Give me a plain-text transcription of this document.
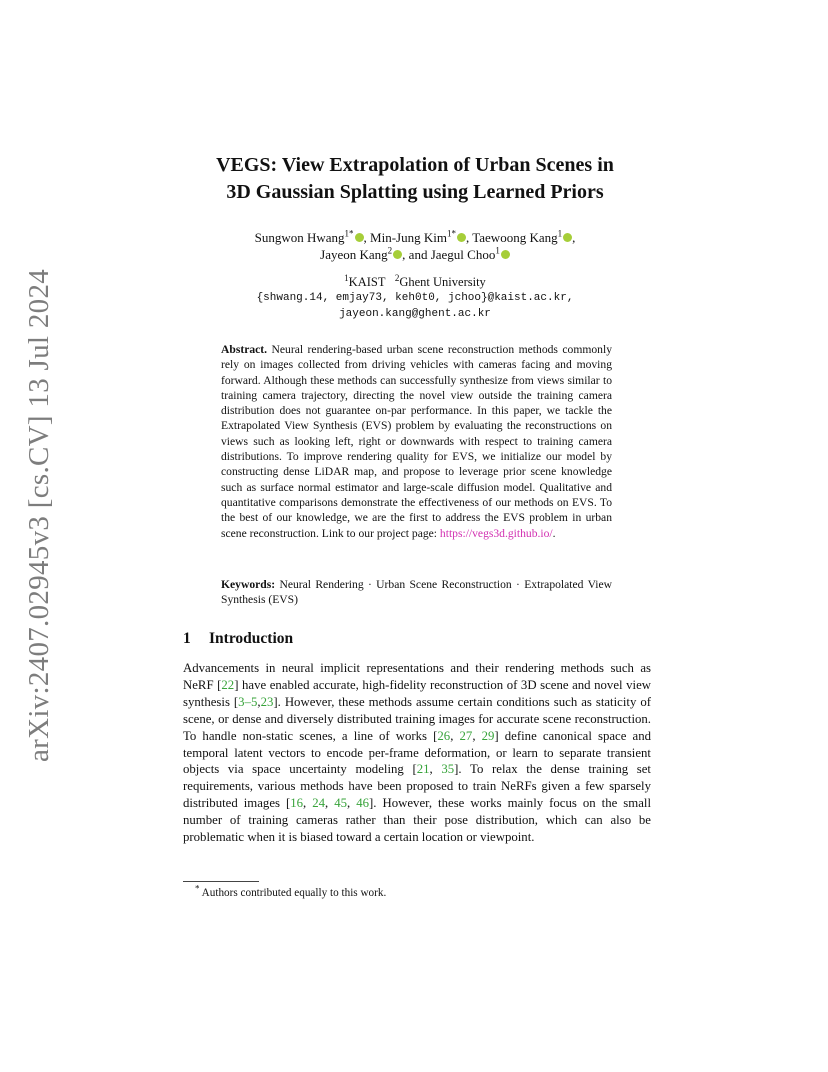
arXiv:2407.02945v3 [cs.CV] 13 Jul 2024
VEGS: View Extrapolation of Urban Scenes in
3D Gaussian Splatting using Learned Priors
Sungwon Hwang$^{1*}$ , Min-Jung Kim$^{1*}$ , Taewoong Kang$^1$ ,
Jayeon Kang$^2$ , and Jaegul Choo$^1$
$^1$KAIST $^2$Ghent University
{shwang.14, emjay73, keh0t0, jchoo}@kaist.ac.kr,
jayeon.kang@ghent.ac.kr

Abstract. Neural rendering-based urban scene reconstruction methods commonly rely on images collected from driving vehicles with cameras facing and moving forward. Although these methods can successfully synthesize from views similar to training camera trajectory, directing the novel view outside the training camera distribution does not guarantee on-par performance. In this paper, we tackle the Extrapolated View Synthesis (EVS) problem by evaluating the reconstructions on views such as looking left, right or downwards with respect to training camera distributions. To improve rendering quality for EVS, we initialize our model by constructing dense LiDAR map, and propose to leverage prior scene knowledge such as surface normal estimator and large-scale diffusion model. Qualitative and quantitative comparisons demonstrate the effectiveness of our methods on EVS. To the best of our knowledge, we are the first to address the EVS problem in urban scene reconstruction. Link to our project page: https://vegs3d.github.io/.

Keywords: Neural Rendering · Urban Scene Reconstruction · Extrapolated View Synthesis (EVS)

1 Introduction

Advancements in neural implicit representations and their rendering methods such as NeRF [22] have enabled accurate, high-fidelity reconstruction of 3D scene and novel view synthesis [3–5,23]. However, these methods assume certain conditions such as staticity of scene, or dense and diversely distributed training images for accurate scene reconstruction. To handle non-static scenes, a line of works [26, 27, 29] define canonical space and temporal latent vectors to encode per-frame deformation, or learn to separate transient objects via space uncertainty modeling [21, 35]. To relax the dense training set requirements, various methods have been proposed to train NeRFs given a few sparsely distributed images [16, 24, 45, 46]. However, these works mainly focus on the small number of training cameras rather than their pose distribution, which can also be problematic when it is biased toward a certain location or viewpoint.

* Authors contributed equally to this work.
